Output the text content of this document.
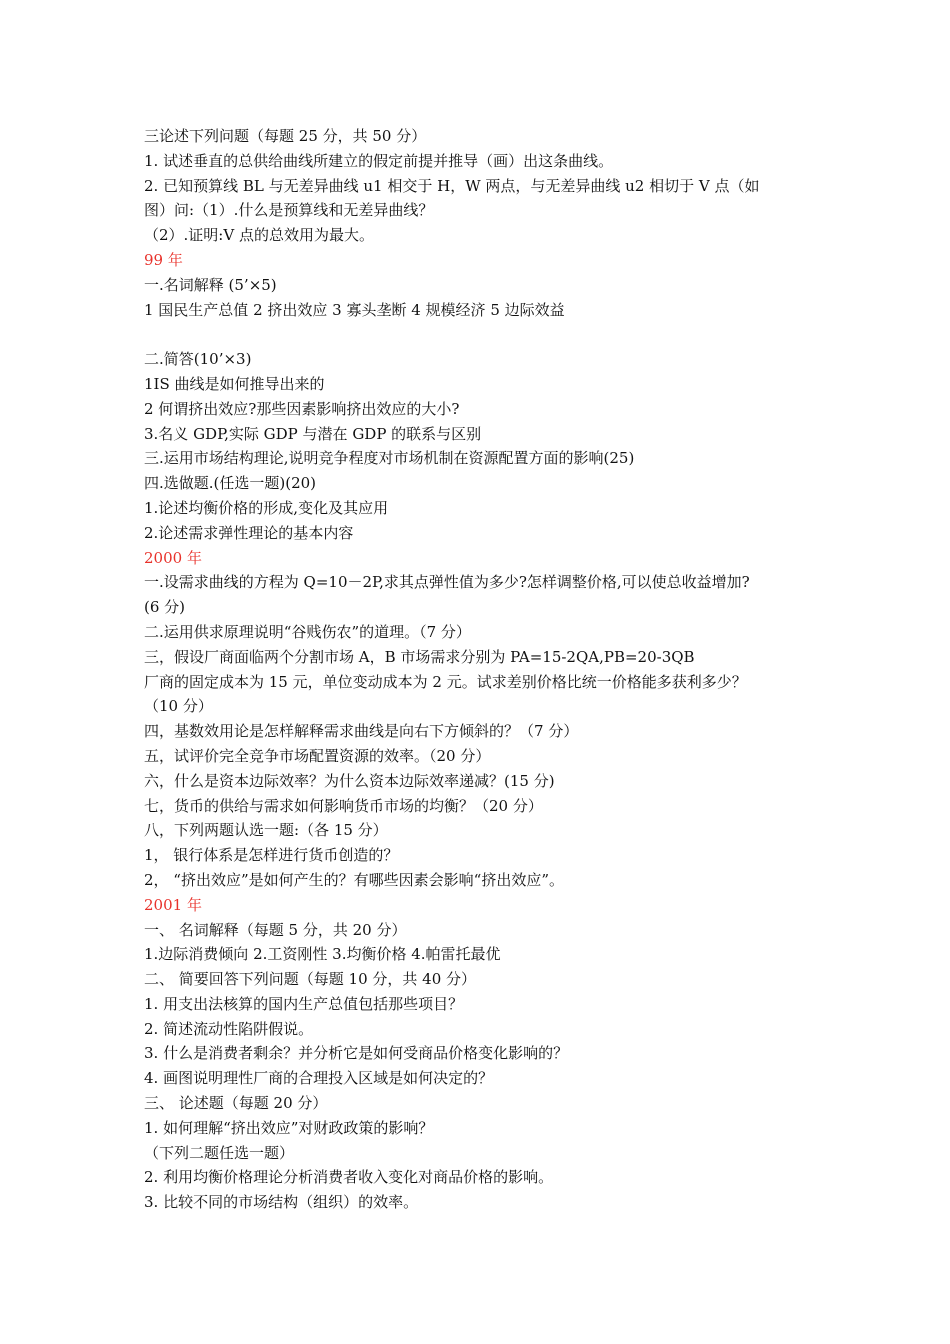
三论述下列问题（每题 25 分，共 50 分）
1. 试述垂直的总供给曲线所建立的假定前提并推导（画）出这条曲线。
2. 已知预算线 BL 与无差异曲线 u1 相交于 H，W 两点，与无差异曲线 u2 相切于 V 点（如
图）问:（1）.什么是预算线和无差异曲线？
（2）.证明:V 点的总效用为最大。
99 年
一.名词解释 (5’×5)
1 国民生产总值 2 挤出效应 3 寡头垄断 4 规模经济 5 边际效益
二.简答(10’×3)
1IS 曲线是如何推导出来的
2 何谓挤出效应?那些因素影响挤出效应的大小?
3.名义 GDP,实际 GDP 与潜在 GDP 的联系与区别
三.运用市场结构理论,说明竞争程度对市场机制在资源配置方面的影响(25)
四.选做题.(任选一题)(20)
1.论述均衡价格的形成,变化及其应用
2.论述需求弹性理论的基本内容
2000 年
一.设需求曲线的方程为 Q=10－2P,求其点弹性值为多少?怎样调整价格,可以使总收益增加?
(6 分)
二.运用供求原理说明“谷贱伤农”的道理。（7 分）
三，假设厂商面临两个分割市场 A，B 市场需求分别为 PA=15-2QA,PB=20-3QB
厂商的固定成本为 15 元，单位变动成本为 2 元。试求差别价格比统一价格能多获利多少？
（10 分）
四，基数效用论是怎样解释需求曲线是向右下方倾斜的？（7 分）
五，试评价完全竞争市场配置资源的效率。（20 分）
六，什么是资本边际效率？为什么资本边际效率递减？(15 分)
七，货币的供给与需求如何影响货币市场的均衡？（20 分）
八，下列两题认选一题:（各 15 分）
1， 银行体系是怎样进行货币创造的？
2， “挤出效应”是如何产生的？有哪些因素会影响“挤出效应”。
2001 年
一、 名词解释（每题 5 分，共 20 分）
1.边际消费倾向 2.工资刚性 3.均衡价格 4.帕雷托最优
二、 简要回答下列问题（每题 10 分，共 40 分）
1. 用支出法核算的国内生产总值包括那些项目？
2. 简述流动性陷阱假说。
3. 什么是消费者剩余？并分析它是如何受商品价格变化影响的？
4. 画图说明理性厂商的合理投入区域是如何决定的？
三、 论述题（每题 20 分）
1. 如何理解“挤出效应”对财政政策的影响？
（下列二题任选一题）
2. 利用均衡价格理论分析消费者收入变化对商品价格的影响。
3. 比较不同的市场结构（组织）的效率。
